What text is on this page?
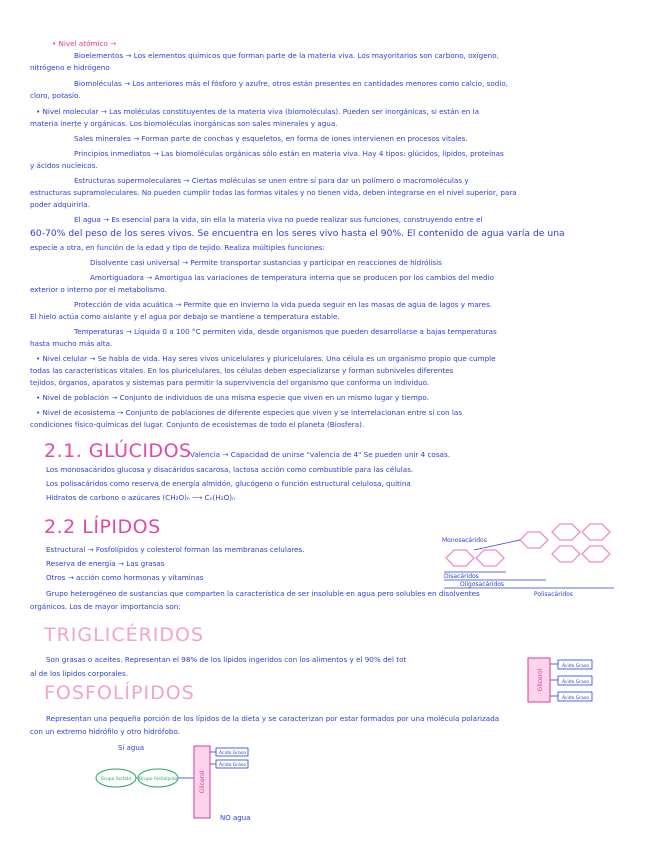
• Nivel atómico →
Bioelementos → Los elementos químicos que forman parte de la materia viva. Los mayoritarios son carbono, oxígeno,
nitrógeno e hidrógeno
Biomoléculas → Los anteriores más el fósforo y azufre, otros están presentes en cantidades menores como calcio, sodio,
cloro, potasio.
• Nivel molecular → Las moléculas constituyentes de la materia viva (biomoléculas). Pueden ser inorgánicas, si están en la
materia inerte y orgánicas. Los biomoléculas inorgánicas son sales minerales y agua.
Sales minerales → Forman parte de conchas y esqueletos, en forma de iones intervienen en procesos vitales.
Principios inmediatos → Las biomoléculas orgánicas sólo están en materia viva. Hay 4 tipos: glúcidos, lípidos, proteínas
y ácidos nucleicos.
Estructuras supermoleculares → Ciertas moléculas se unen entre sí para dar un polímero o macromoléculas y
estructuras supramoleculares. No pueden cumplir todas las formas vitales y no tienen vida, deben integrarse en el nivel superior, para
poder adquirirla.
El agua → Es esencial para la vida, sin ella la materia viva no puede realizar sus funciones, construyendo entre el
60-70% del peso de los seres vivos. Se encuentra en los seres vivo hasta el 90%. El contenido de agua varía de una
especie a otra, en función de la edad y tipo de tejido. Realiza múltiples funciones:
Disolvente casi universal → Permite transportar sustancias y participar en reacciones de hidrólisis
Amortiguadora → Amortigua las variaciones de temperatura interna que se producen por los cambios del medio
exterior o interno por el metabolismo.
Protección de vida acuática → Permite que en invierno la vida pueda seguir en las masas de agua de lagos y mares.
El hielo actúa como aislante y el agua por debajo se mantiene a temperatura estable.
Temperaturas → Líquida 0 a 100 °C permiten vida, desde organismos que pueden desarrollarse a bajas temperaturas
hasta mucho más alta.
• Nivel celular → Se habla de vida. Hay seres vivos unicelulares y pluricelulares. Una célula es un organismo propio que cumple
todas las características vitales. En los pluricelulares, los células deben especializarse y forman subniveles diferentes
tejidos, órganos, aparatos y sistemas para permitir la supervivencia del organismo que conforma un individuo.
• Nivel de población → Conjunto de individuos de una misma especie que viven en un mismo lugar y tiempo.
• Nivel de ecosistema → Conjunto de poblaciones de diferente especies que viven y se interrelacionan entre sí con las
condiciones físico-químicas del lugar. Conjunto de ecosistemas de todo el planeta (Biosfera).
Valencia → Capacidad de unirse "valencia de 4" Se pueden unir 4 cosas.
Los monosacáridos glucosa y disacáridos sacarosa, lactosa acción como combustible para las células.
Los polisacáridos como reserva de energía almidón, glucógeno o función estructural celulosa, quitina
Hidratos de carbono o azúcares (CH₂O)ₙ ⟶ Cₙ(H₂O)ₙ
Estructural → Fosfolípidos y colesterol forman las membranas celulares.
Reserva de energía → Las grasas
Otros → acción como hormonas y vitaminas
Grupo heterogéneo de sustancias que comparten la característica de ser insoluble en agua pero solubles en disolventes
orgánicos. Los de mayor importancia son:
Son grasas o aceites. Representan el 98% de los lípidos ingeridos con los alimentos y el 90% del tot
al de los lípidos corporales.
Representan una pequeña porción de los lípidos de la dieta y se caracterizan por estar formados por una molécula polarizada
con un extremo hidrófilo y otro hidrófobo.
2.1. GLÚCIDOS
2.2 LÍPIDOS
TRIGLICÉRIDOS
FOSFOLÍPIDOS
Monosacáridos
Disacáridos
Oligosacáridos
Polisacáridos
Glicerol
Ácido Graso
Ácido Graso
Ácido Graso
Sí agua
NO agua
Grupo fosfato Grupo fosfolípido	Glicerol
Ácido Graso
Ácido Graso
